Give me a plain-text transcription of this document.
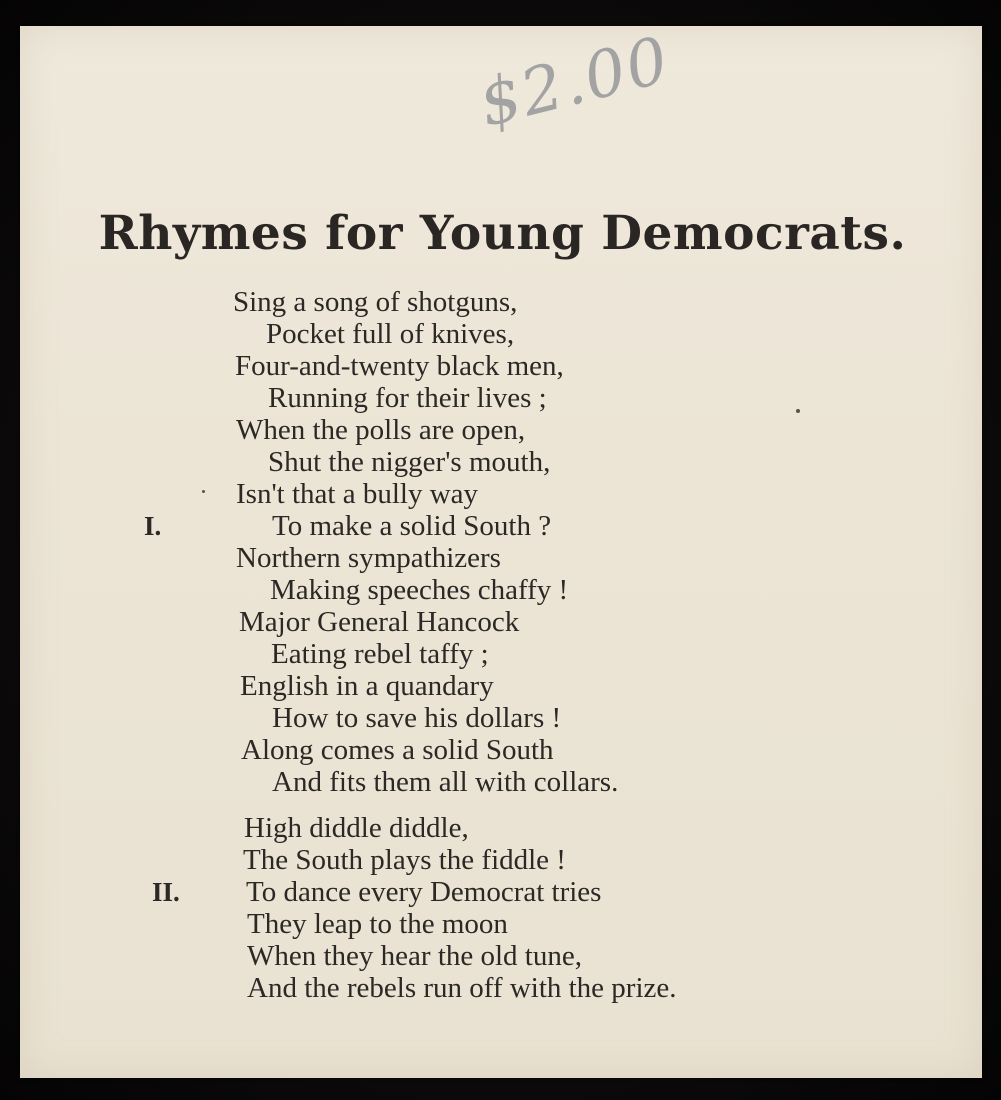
$2.00
Rhymes for Young Democrats.
Sing a song of shotguns,
Pocket full of knives,
Four-and-twenty black men,
Running for their lives ;
When the polls are open,
Shut the nigger's mouth,
Isn't that a bully way
I.	To make a solid South ?
Northern sympathizers
Making speeches chaffy !
Major General Hancock
Eating rebel taffy ;
English in a quandary
How to save his dollars !
Along comes a solid South
And fits them all with collars.
High diddle diddle,
The South plays the fiddle !
II. To dance every Democrat tries
They leap to the moon
When they hear the old tune,
And the rebels run off with the prize.
